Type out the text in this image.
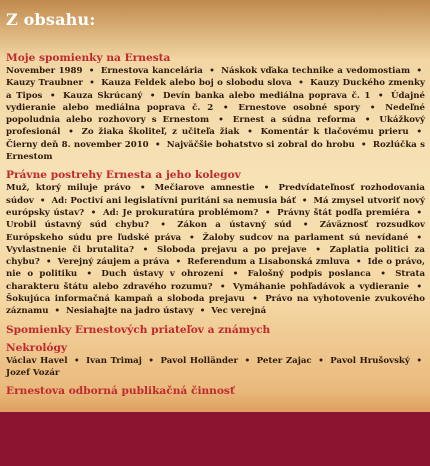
Z obsahu:
Moje spomienky na Ernesta
November 1989 • Ernestova kancelária • Náskok vďaka technike a vedomostiam • Kauzy Traubner • Kauza Feldek alebo boj o slobodu slova • Kauzy Duckého zmenky a Tipos • Kauza Skrúcaný • Devín banka alebo mediálna poprava č. 1 • Údajné vydieranie alebo mediálna poprava č. 2 • Ernestove osobné spory • Nedeľné popoludnia alebo rozhovory s Ernestom • Ernest a súdna reforma • Ukážkový profesionál • Zo žiaka školiteľ, z učiteľa žiak • Komentár k tlačovému prieru • Čierny deň 8. november 2010 • Najväčšie bohatstvo si zobral do hrobu • Rozlúčka s Ernestom
Právne postrehy Ernesta a jeho kolegov
Muž, ktorý miluje právo • Mečiarove amnestie • Predvídateľnosť rozhodovania súdov • Ad: Poctiví ani legislatívni puritáni sa nemusia báť • Má zmysel utvoriť nový európsky ústav? • Ad: Je prokuratúra problémom? • Právny štát podľa premiéra • Urobil ústavný súd chybu? • Zákon a ústavný súd • Záväznosť rozsudkov Európskeho súdu pre ľudské práva • Žaloby sudcov na parlament sú nevídané • Vyvlastnenie či brutalita? • Sloboda prejavu a po prejave • Zaplatia politici za chybu? • Verejný záujem a práva • Referendum a Lisabonská zmluva • Ide o právo, nie o politiku • Duch ústavy v ohrození • Falošný podpis poslanca • Strata charakteru štátu alebo zdravého rozumu? • Vymáhanie pohľadávok a vydieranie • Šokujúca informačná kampaň a sloboda prejavu • Právo na vyhotovenie zvukového záznamu • Nesiahajte na jadro ústavy • Vec verejná
Spomienky Ernestových priateľov a známych
Nekrológy
Václav Havel • Ivan Trimaj • Pavol Holländer • Peter Zajac • Pavol Hrušovský • Jozef Vozár
Ernestova odborná publikačná činnosť
